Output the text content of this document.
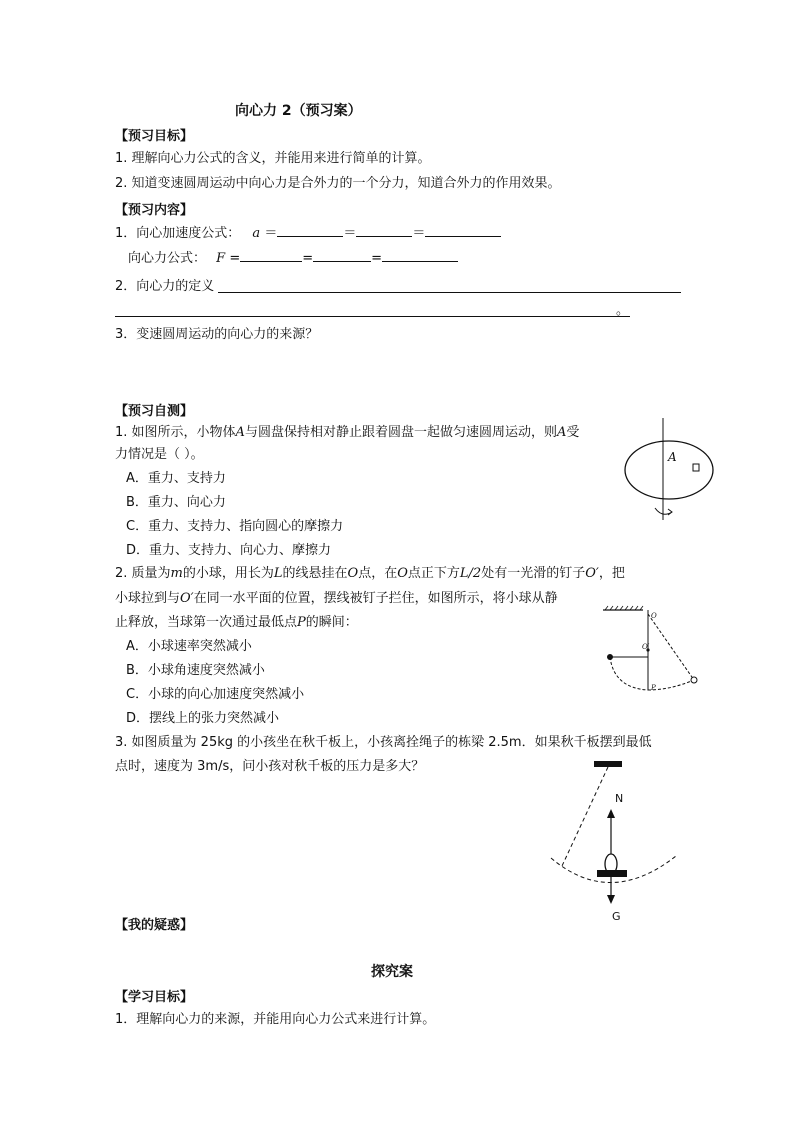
向心力 2（预习案）
【预习目标】
1. 理解向心力公式的含义，并能用来进行简单的计算。
2. 知道变速圆周运动中向心力是合外力的一个分力，知道合外力的作用效果。
【预习内容】
1．向心加速度公式： a ＝	＝	＝
向心力公式： F =	=	=
2．向心力的定义
。
3．变速圆周运动的向心力的来源？
【预习自测】
1. 如图所示，小物体A与圆盘保持相对静止跟着圆盘一起做匀速圆周运动，则A受
力情况是（ ）。
A．重力、支持力
B．重力、向心力
C．重力、支持力、指向圆心的摩擦力
D．重力、支持力、向心力、摩擦力
A
2. 质量为m的小球，用长为L的线悬挂在O点，在O点正下方L/2处有一光滑的钉子O′，把
小球拉到与O′在同一水平面的位置，摆线被钉子拦住，如图所示，将小球从静
止释放，当球第一次通过最低点P的瞬间：
A．小球速率突然减小
B．小球角速度突然减小
C．小球的向心加速度突然减小
D．摆线上的张力突然减小
O
O′
P
3. 如图质量为 25kg 的小孩坐在秋千板上，小孩离拴绳子的栋梁 2.5m．如果秋千板摆到最低
点时，速度为 3m/s，问小孩对秋千板的压力是多大？
N
G
【我的疑惑】
探究案
【学习目标】
1．理解向心力的来源，并能用向心力公式来进行计算。
